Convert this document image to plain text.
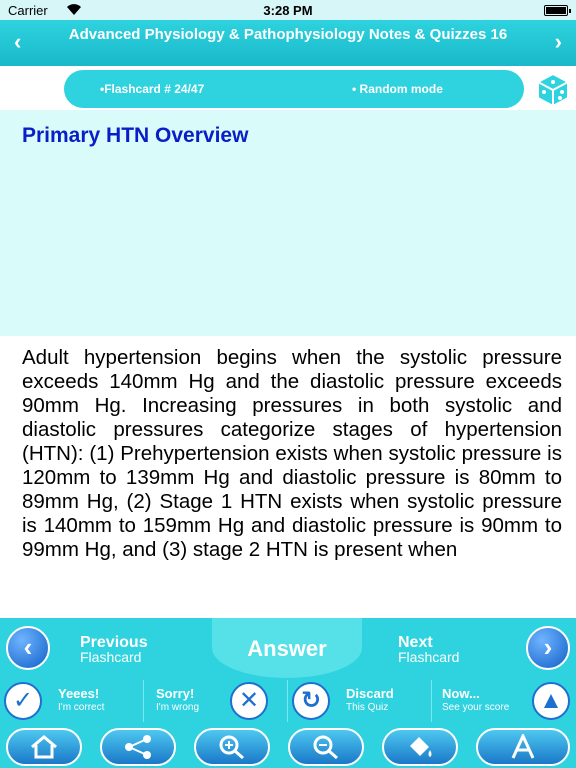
Carrier	3:28 PM
‹	Advanced Physiology & Pathophysiology Notes & Quizzes 16	›
•Flashcard # 24/47	• Random mode
Primary HTN Overview

Adult hypertension begins when the systolic pressure exceeds 140mm Hg and the diastolic pressure exceeds 90mm Hg. Increasing pressures in both systolic and diastolic pressures categorize stages of hypertension (HTN): (1) Prehypertension exists when systolic pressure is 120mm to 139mm Hg and diastolic pressure is 80mm to 89mm Hg, (2) Stage 1 HTN exists when systolic pressure is 140mm to 159mm Hg and diastolic pressure is 90mm to 99mm Hg, and (3) stage 2 HTN is present when

‹	Previous
Flashcard	Answer	Next
Flashcard	›
✓	Yeees!
I'm correct	✕
Sorry!
I'm wrong	↻	Discard
This Quiz	▲
Now...
See your score
